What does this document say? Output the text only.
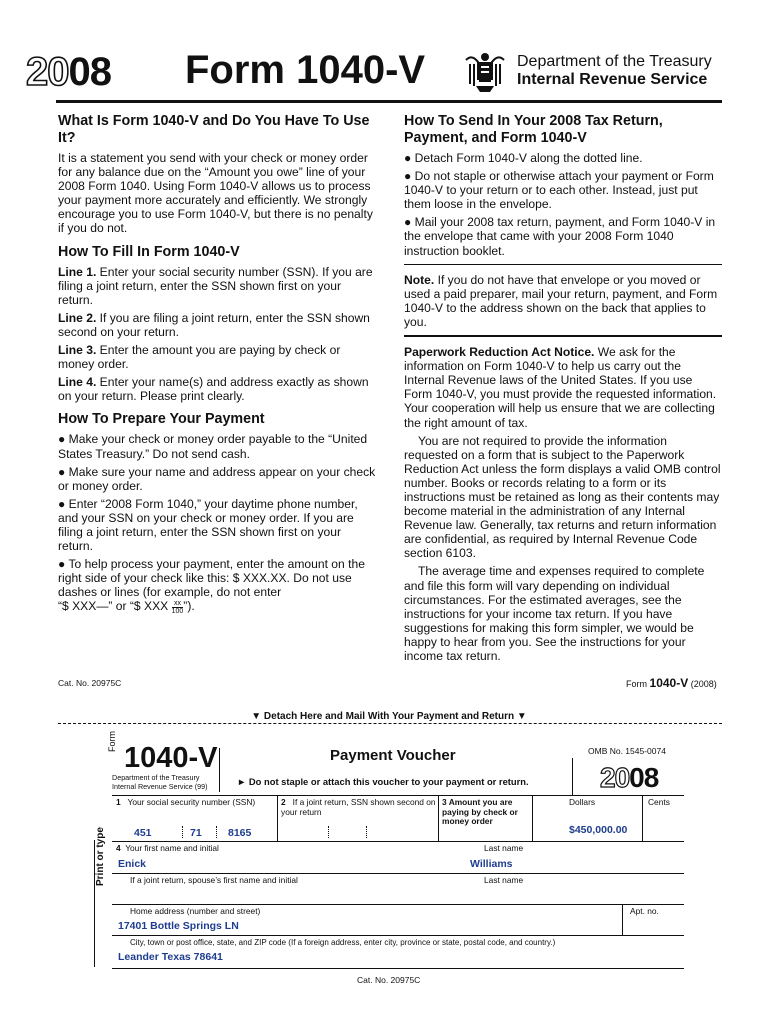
2008 Form 1040-V	Department of the Treasury
Internal Revenue Service
What Is Form 1040-V and Do You Have To Use It?

It is a statement you send with your check or money order for any balance due on the “Amount you owe” line of your 2008 Form 1040. Using Form 1040-V allows us to process your payment more accurately and efficiently. We strongly encourage you to use Form 1040-V, but there is no penalty if you do not.

How To Fill In Form 1040-V

Line 1. Enter your social security number (SSN). If you are filing a joint return, enter the SSN shown first on your return.

Line 2. If you are filing a joint return, enter the SSN shown second on your return.

Line 3. Enter the amount you are paying by check or money order.

Line 4. Enter your name(s) and address exactly as shown on your return. Please print clearly.

How To Prepare Your Payment

● Make your check or money order payable to the “United States Treasury.” Do not send cash.

● Make sure your name and address appear on your check or money order.

● Enter “2008 Form 1040,” your daytime phone number, and your SSN on your check or money order. If you are filing a joint return, enter the SSN shown first on your return.

● To help process your payment, enter the amount on the right side of your check like this: $ XXX.XX. Do not use dashes or lines (for example, do not enter
“$ XXX—” or “$ XXX $\frac{xx}{100}$ ”).

How To Send In Your 2008 Tax Return, Payment, and Form 1040-V

● Detach Form 1040-V along the dotted line.

● Do not staple or otherwise attach your payment or Form 1040-V to your return or to each other. Instead, just put them loose in the envelope.

● Mail your 2008 tax return, payment, and Form 1040-V in the envelope that came with your 2008 Form 1040 instruction booklet.

Note. If you do not have that envelope or you moved or used a paid preparer, mail your return, payment, and Form 1040-V to the address shown on the back that applies to you.

Paperwork Reduction Act Notice. We ask for the information on Form 1040-V to help us carry out the Internal Revenue laws of the United States. If you use Form 1040-V, you must provide the requested information. Your cooperation will help us ensure that we are collecting the right amount of tax.

You are not required to provide the information requested on a form that is subject to the Paperwork Reduction Act unless the form displays a valid OMB control number. Books or records relating to a form or its instructions must be retained as long as their contents may become material in the administration of any Internal Revenue law. Generally, tax returns and return information are confidential, as required by Internal Revenue Code section 6103.

The average time and expenses required to complete and file this form will vary depending on individual circumstances. For the estimated averages, see the instructions for your income tax return. If you have suggestions for making this form simpler, we would be happy to hear from you. See the instructions for your income tax return.

Cat. No. 20975C	Form 1040-V (2008)
▼ Detach Here and Mail With Your Payment and Return ▼
Form
1040-V
Department of the Treasury
Internal Revenue Service (99)
Payment Voucher
► Do not staple or attach this voucher to your payment or return.
OMB No. 1545-0074
2008
Print or type
1 Your social security number (SSN)
451	71	8165
2 If a joint return, SSN shown second on your return
3 Amount you are paying by check or money order
Dollars	Cents
$450,000.00
4 Your first name and initial
Enick
Last name
Williams
If a joint return, spouse’s first name and initial	Last name
Home address (number and street)
17401 Bottle Springs LN
Apt. no.
City, town or post office, state, and ZIP code (If a foreign address, enter city, province or state, postal code, and country.)
Leander Texas 78641
Cat. No. 20975C
